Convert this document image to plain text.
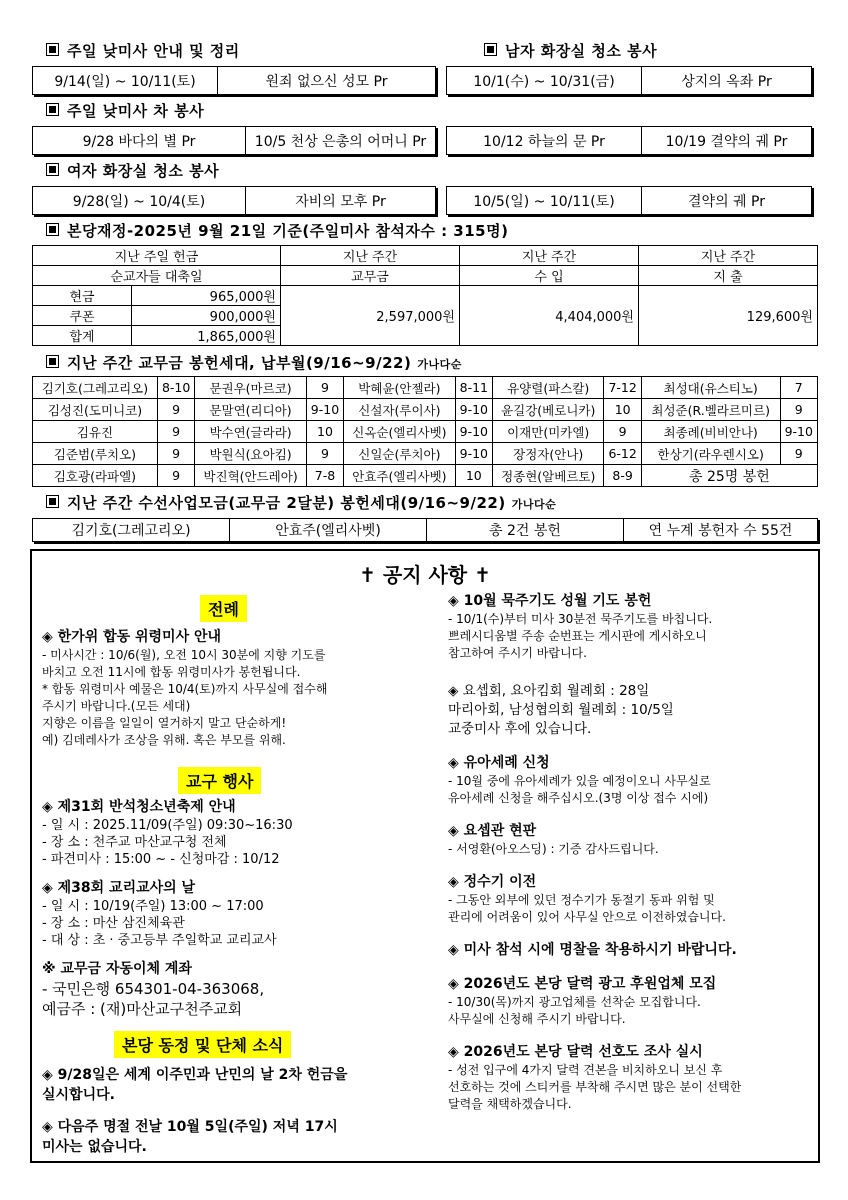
주일 낮미사 안내 및 정리	남자 화장실 청소 봉사
9/14(일) ~ 10/11(토)	원죄 없으신 성모 Pr	10/1(수) ~ 10/31(금)	상지의 옥좌 Pr
주일 낮미사 차 봉사
9/28 바다의 별 Pr	10/5 천상 은총의 어머니 Pr	10/12 하늘의 문 Pr	10/19 결약의 궤 Pr
여자 화장실 청소 봉사
9/28(일) ~ 10/4(토)	자비의 모후 Pr	10/5(일) ~ 10/11(토)	결약의 궤 Pr
본당재정-2025년 9월 21일 기준(주일미사 참석자수 : 315명)
지난 주일 헌금		지난 주간	지난 주간	지난 주간
순교자들 대축일		교무금	수 입	지 출
현금	965,000원	2,597,000원	4,404,000원	129,600원
쿠폰	900,000원			
합계	1,865,000원			
지난 주간 교무금 봉헌세대, 납부월(9/16~9/22) 가나다순
김기호(그레고리오)	8-10	문권우(마르코)	9	박혜윤(안젤라)	8-11	유양렬(파스칼)	7-12	최성대(유스티노)	7
김성진(도미니코)	9	문말연(리디아)	9-10	신설자(루이사)	9-10	윤길강(베로니카)	10	최성준(R.벨라르미르)	9
김유진	9	박수연(글라라)	10	신옥순(엘리사벳)	9-10	이재만(미카엘)	9	최종례(비비안나)	9-10
김준범(루치오)	9	박원식(요아킴)	9	신일순(루치아)	9-10	장정자(안나)	6-12	한상기(라우렌시오)	9
김호광(라파엘)	9	박진혁(안드레아)	7-8	안효주(엘리사벳)	10	정종현(알베르토)	8-9	총 25명 봉헌	
지난 주간 수선사업모금(교무금 2달분) 봉헌세대(9/16~9/22) 가나다순
김기호(그레고리오)	안효주(엘리사벳)	총 2건 봉헌	연 누계 봉헌자 수 55건
✝ 공지 사항 ✝
전례
◈ 한가위 합동 위령미사 안내
- 미사시간 : 10/6(월), 오전 10시 30분에 지향 기도를
바치고 오전 11시에 합동 위령미사가 봉헌됩니다.
* 합동 위령미사 예물은 10/4(토)까지 사무실에 접수해
주시기 바랍니다.(모든 세대)
지향은 이름을 일일이 열거하지 말고 단순하게!
예) 김데레사가 조상을 위해. 혹은 부모를 위해.
교구 행사
◈ 제31회 반석청소년축제 안내
- 일 시 : 2025.11/09(주일) 09:30~16:30
- 장 소 : 천주교 마산교구청 전체
- 파견미사 : 15:00 ~ - 신청마감 : 10/12
◈ 제38회 교리교사의 날
- 일 시 : 10/19(주일) 13:00 ~ 17:00
- 장 소 : 마산 삼진체육관
- 대 상 : 초 · 중고등부 주일학교 교리교사
※ 교무금 자동이체 계좌
- 국민은행 654301-04-363068,
예금주 : (재)마산교구천주교회
본당 동정 및 단체 소식
◈ 9/28일은 세계 이주민과 난민의 날 2차 헌금을
실시합니다.
◈ 다음주 명절 전날 10월 5일(주일) 저녁 17시
미사는 없습니다.
◈ 10월 묵주기도 성월 기도 봉헌
- 10/1(수)부터 미사 30분전 묵주기도를 바칩니다.
쁘레시디움별 주송 순번표는 게시판에 게시하오니
참고하여 주시기 바랍니다.
◈ 요셉회, 요아킴회 월례회 : 28일
마리아회, 남성협의회 월례회 : 10/5일
교중미사 후에 있습니다.
◈ 유아세례 신청
- 10월 중에 유아세례가 있을 예정이오니 사무실로
유아세례 신청을 해주십시오.(3명 이상 접수 시에)
◈ 요셉관 현판
- 서영환(아오스딩) : 기증 감사드립니다.
◈ 정수기 이전
- 그동안 외부에 있던 정수기가 동절기 동파 위험 및
관리에 어려움이 있어 사무실 안으로 이전하였습니다.
◈ 미사 참석 시에 명찰을 착용하시기 바랍니다.
◈ 2026년도 본당 달력 광고 후원업체 모집
- 10/30(목)까지 광고업체를 선착순 모집합니다.
사무실에 신청해 주시기 바랍니다.
◈ 2026년도 본당 달력 선호도 조사 실시
- 성전 입구에 4가지 달력 견본을 비치하오니 보신 후
선호하는 것에 스티커를 부착해 주시면 많은 분이 선택한
달력을 채택하겠습니다.
